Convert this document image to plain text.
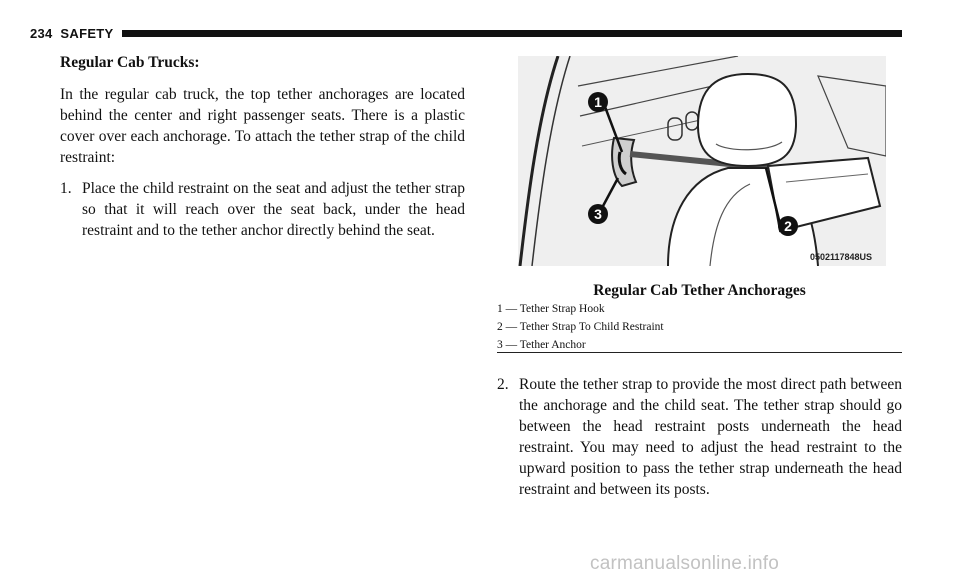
234 SAFETY
Regular Cab Trucks:

In the regular cab truck, the top tether anchorages are located behind the center and right passenger seats. There is a plastic cover over each anchorage. To attach the tether strap of the child restraint:

1. Place the child restraint on the seat and adjust the tether strap so that it will reach over the seat back, under the head restraint and to the tether anchor directly behind the seat.
1
3
2
0502117848US
Regular Cab Tether Anchorages
1 — Tether Strap Hook
2 — Tether Strap To Child Restraint
3 — Tether Anchor
2. Route the tether strap to provide the most direct path between the anchorage and the child seat. The tether strap should go between the head restraint posts underneath the head restraint. You may need to adjust the head restraint to the upward position to pass the tether strap underneath the head restraint and between its posts.
carmanualsonline.info
